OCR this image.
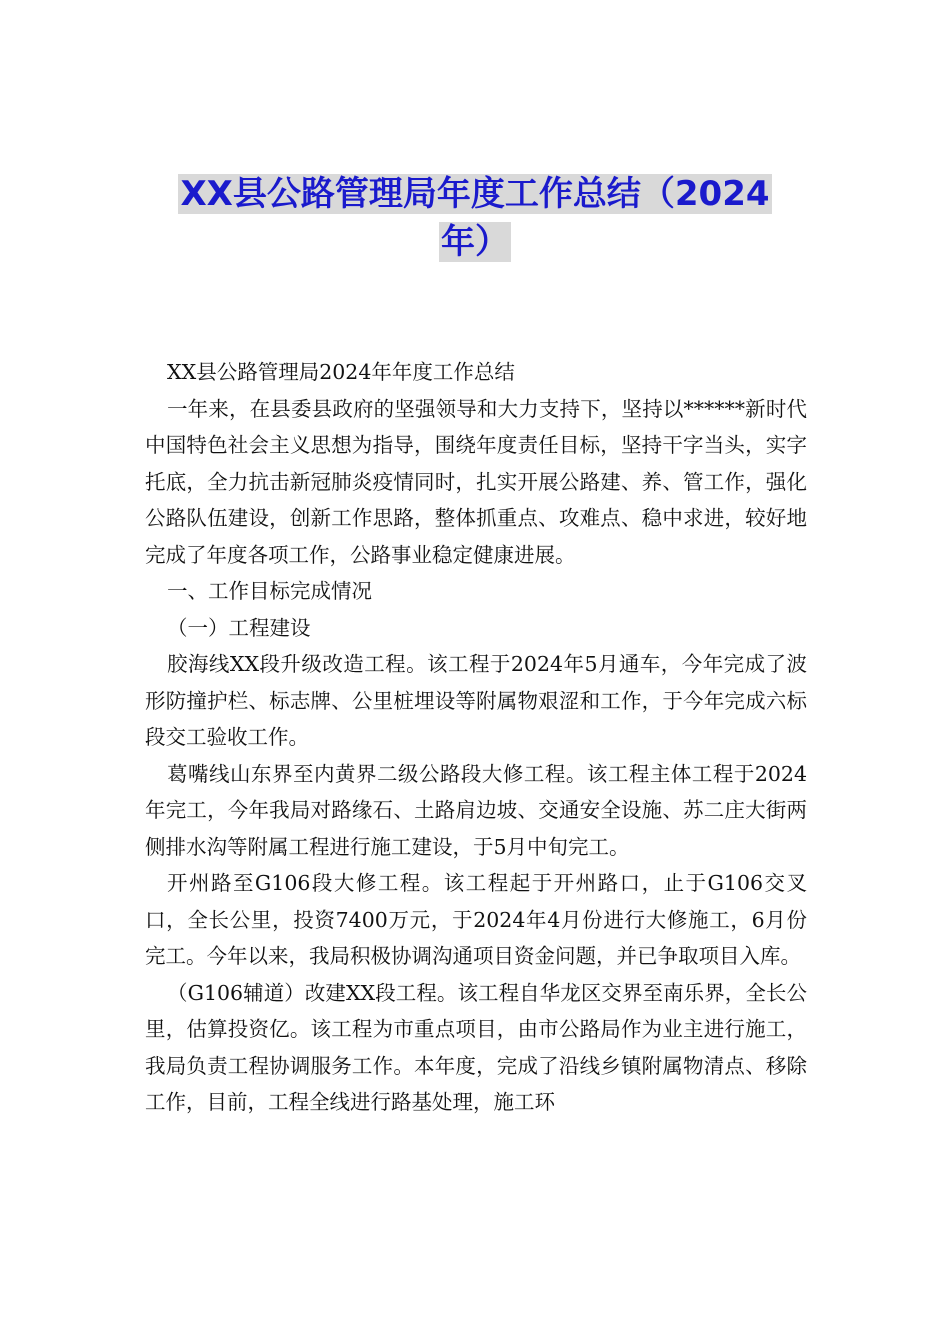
XX县公路管理局年度工作总结（2024
年）

XX县公路管理局2024年年度工作总结

一年来，在县委县政府的坚强领导和大力支持下，坚持以******新时代中国特色社会主义思想为指导，围绕年度责任目标，坚持干字当头，实字托底，全力抗击新冠肺炎疫情同时，扎实开展公路建、养、管工作，强化公路队伍建设，创新工作思路，整体抓重点、攻难点、稳中求进，较好地完成了年度各项工作，公路事业稳定健康进展。

一、工作目标完成情况

（一）工程建设

胶海线XX段升级改造工程。该工程于2024年5月通车，今年完成了波形防撞护栏、标志牌、公里桩埋设等附属物艰涩和工作，于今年完成六标段交工验收工作。

葛嘴线山东界至内黄界二级公路段大修工程。该工程主体工程于2024年完工，今年我局对路缘石、土路肩边坡、交通安全设施、苏二庄大街两侧排水沟等附属工程进行施工建设，于5月中旬完工。

开州路至G106段大修工程。该工程起于开州路口，止于G106交叉口，全长公里，投资7400万元，于2024年4月份进行大修施工，6月份完工。今年以来，我局积极协调沟通项目资金问题，并已争取项目入库。

（G106辅道）改建XX段工程。该工程自华龙区交界至南乐界，全长公里，估算投资亿。该工程为市重点项目，由市公路局作为业主进行施工，我局负责工程协调服务工作。本年度，完成了沿线乡镇附属物清点、移除工作，目前，工程全线进行路基处理，施工环
